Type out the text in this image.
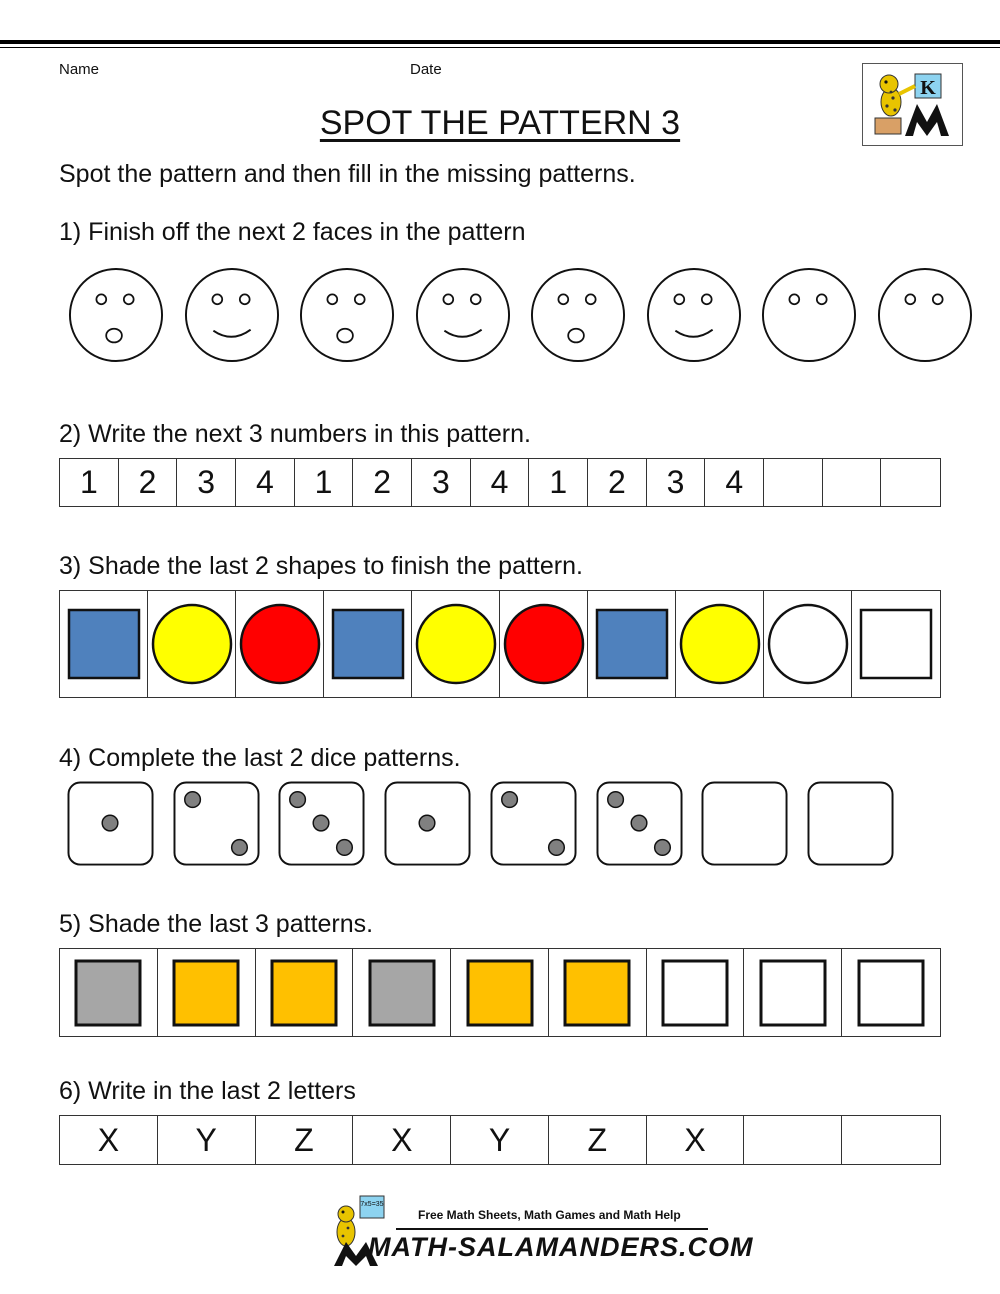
Name	Date
K
SPOT THE PATTERN 3
Spot the pattern and then fill in the missing patterns.
1) Finish off the next 2 faces in the pattern
2) Write the next 3 numbers in this pattern.
1	2	3	4	1	2	3	4	1	2	3	4
3) Shade the last 2 shapes to finish the pattern.
4) Complete the last 2 dice patterns.
5) Shade the last 3 patterns.
6) Write in the last 2 letters
X	Y	Z	X	Y	Z	X
7x5=35
Free Math Sheets, Math Games and Math Help
MATH-SALAMANDERS.COM
